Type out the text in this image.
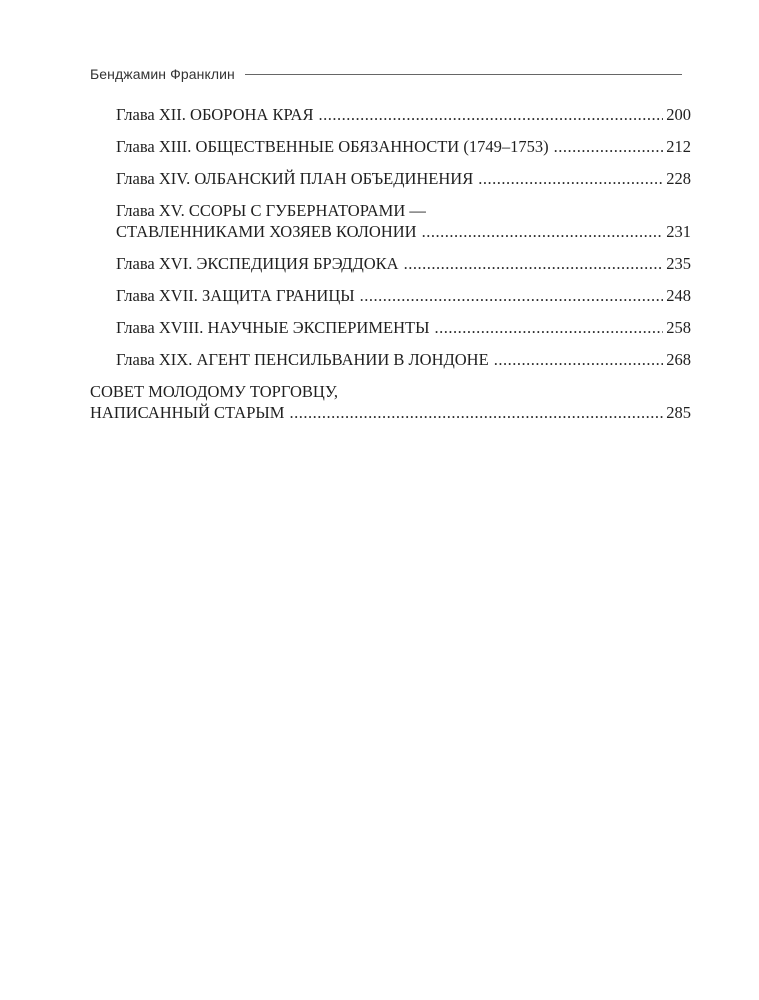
Бенджамин Франклин
Глава XII. ОБОРОНА КРАЯ .....	200
Глава XIII. ОБЩЕСТВЕННЫЕ ОБЯЗАННОСТИ (1749–1753) .....	212
Глава XIV. ОЛБАНСКИЙ ПЛАН ОБЪЕДИНЕНИЯ .....	228
Глава XV. ССОРЫ С ГУБЕРНАТОРАМИ —
СТАВЛЕННИКАМИ ХОЗЯЕВ КОЛОНИИ .....	231
Глава XVI. ЭКСПЕДИЦИЯ БРЭДДОКА .....	235
Глава XVII. ЗАЩИТА ГРАНИЦЫ .....	248
Глава XVIII. НАУЧНЫЕ ЭКСПЕРИМЕНТЫ .....	258
Глава XIX. АГЕНТ ПЕНСИЛЬВАНИИ В ЛОНДОНЕ .....	268
СОВЕТ МОЛОДОМУ ТОРГОВЦУ,
НАПИСАННЫЙ СТАРЫМ .....	285
